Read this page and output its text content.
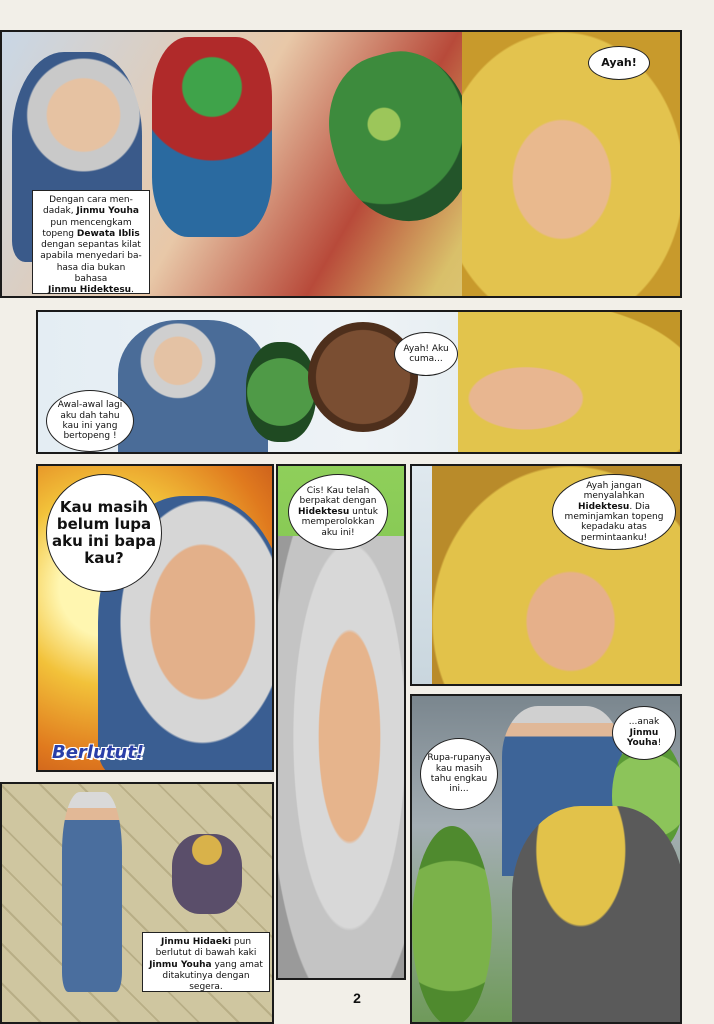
Dengan cara men-
dadak, Jinmu Youha
pun mencengkam
topeng Dewata Iblis
dengan sepantas kilat
apabila menyedari ba-
hasa dia bukan bahasa
Jinmu Hidektesu.
Ayah!
Awal-awal lagi aku dah tahu kau ini yang bertopeng !
Ayah! Aku cuma...
Kau masih belum lupa aku ini bapa kau?
Berlutut!
Cis! Kau telah berpakat dengan Hidektesu untuk memperolokkan aku ini!
Ayah jangan menyalahkan Hidektesu. Dia meminjamkan topeng kepadaku atas permintaanku!
Jinmu Hidaeki pun berlutut di bawah kaki Jinmu Youha yang amat ditakutinya dengan segera.
Rupa-rupanya kau masih tahu engkau ini...
...anak Jinmu Youha!
2
